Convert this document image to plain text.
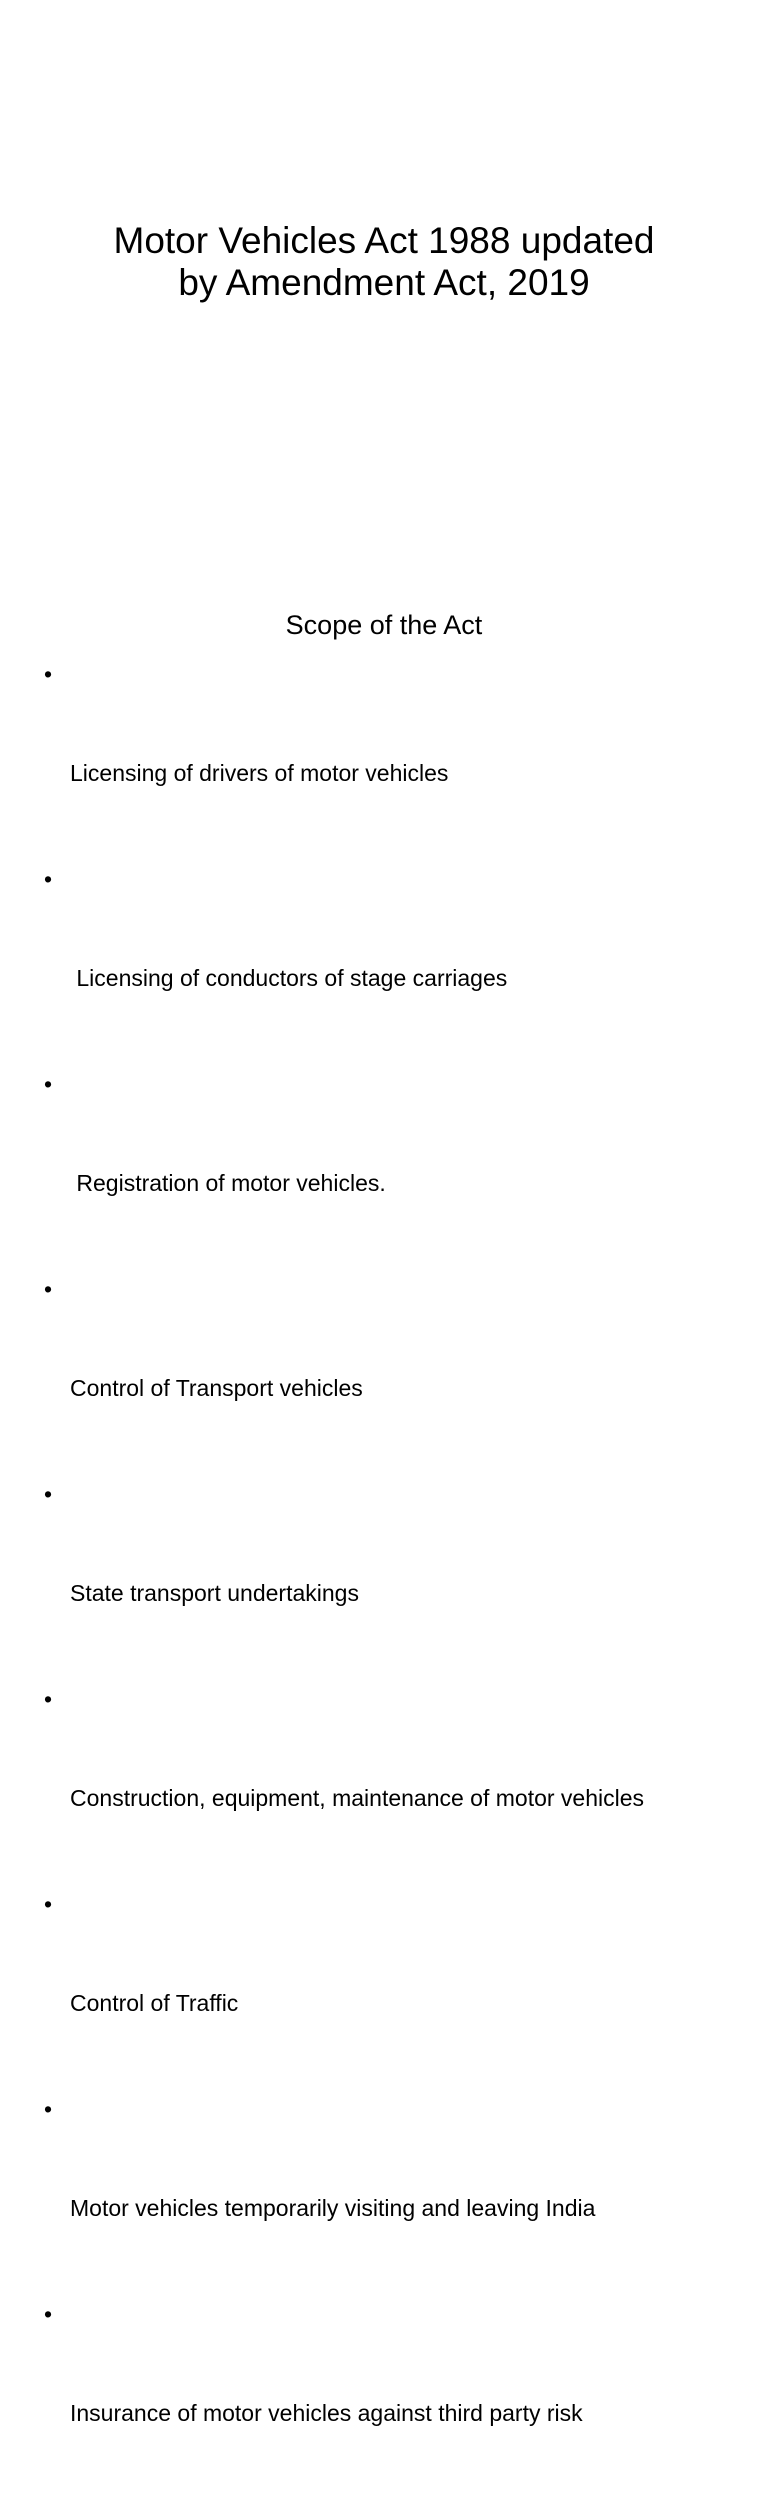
Motor Vehicles Act 1988 updated
by Amendment Act, 2019
Scope of the Act

•

Licensing of drivers of motor vehicles

•

Licensing of conductors of stage carriages

•

Registration of motor vehicles.

•

Control of Transport vehicles

•

State transport undertakings

•

Construction, equipment, maintenance of motor vehicles

•

Control of Traffic

•

Motor vehicles temporarily visiting and leaving India

•

Insurance of motor vehicles against third party risk
